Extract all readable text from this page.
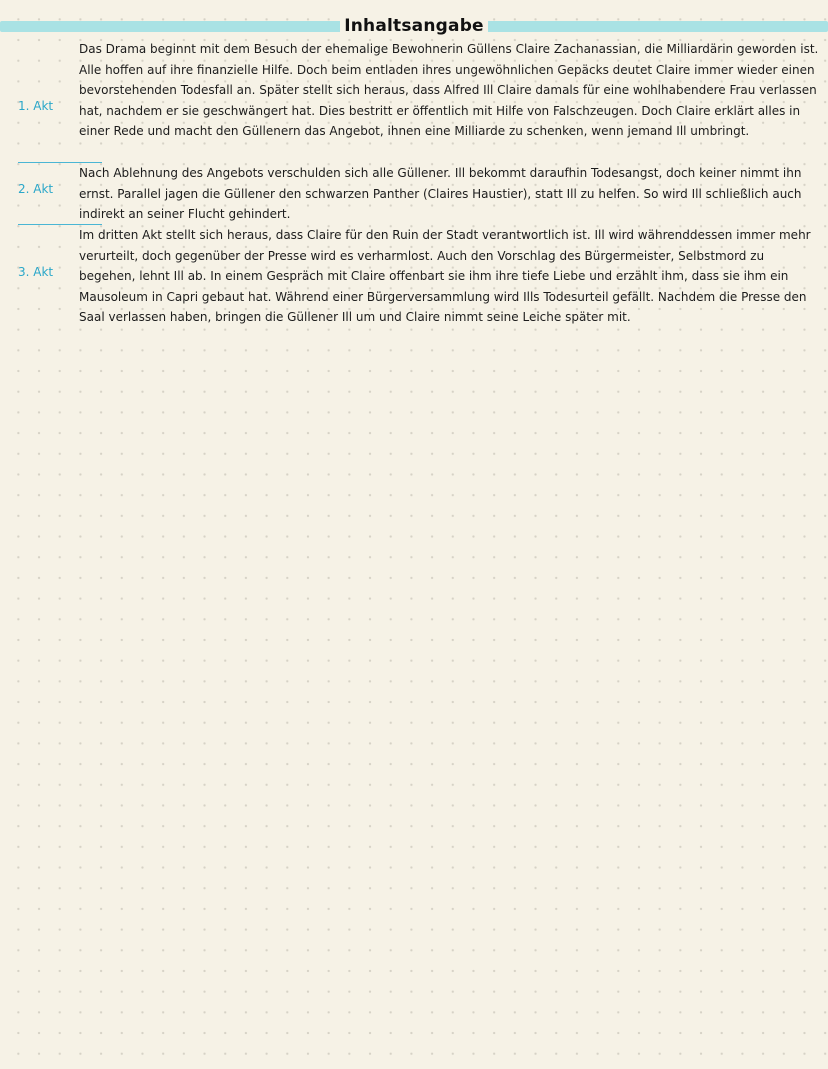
Inhaltsangabe
1. Akt

Das Drama beginnt mit dem Besuch der ehemalige Bewohnerin Güllens Claire Zachanassian, die Milliardärin geworden ist. Alle hoffen auf ihre finanzielle Hilfe. Doch beim entladen ihres ungewöhnlichen Gepäcks deutet Claire immer wieder einen bevorstehenden Todesfall an. Später stellt sich heraus, dass Alfred Ill Claire damals für eine wohlhabendere Frau verlassen hat, nachdem er sie geschwängert hat. Dies bestritt er öffentlich mit Hilfe von Falschzeugen. Doch Claire erklärt alles in einer Rede und macht den Güllenern das Angebot, ihnen eine Milliarde zu schenken, wenn jemand Ill umbringt.

2. Akt

Nach Ablehnung des Angebots verschulden sich alle Güllener. Ill bekommt daraufhin Todesangst, doch keiner nimmt ihn ernst. Parallel jagen die Güllener den schwarzen Panther (Claires Haustier), statt Ill zu helfen. So wird Ill schließlich auch indirekt an seiner Flucht gehindert.

3. Akt

Im dritten Akt stellt sich heraus, dass Claire für den Ruin der Stadt verantwortlich ist. Ill wird währenddessen immer mehr verurteilt, doch gegenüber der Presse wird es verharmlost. Auch den Vorschlag des Bürgermeister, Selbstmord zu begehen, lehnt Ill ab. In einem Gespräch mit Claire offenbart sie ihm ihre tiefe Liebe und erzählt ihm, dass sie ihm ein Mausoleum in Capri gebaut hat. Während einer Bürgerversammlung wird Ills Todesurteil gefällt. Nachdem die Presse den Saal verlassen haben, bringen die Güllener Ill um und Claire nimmt seine Leiche später mit.
